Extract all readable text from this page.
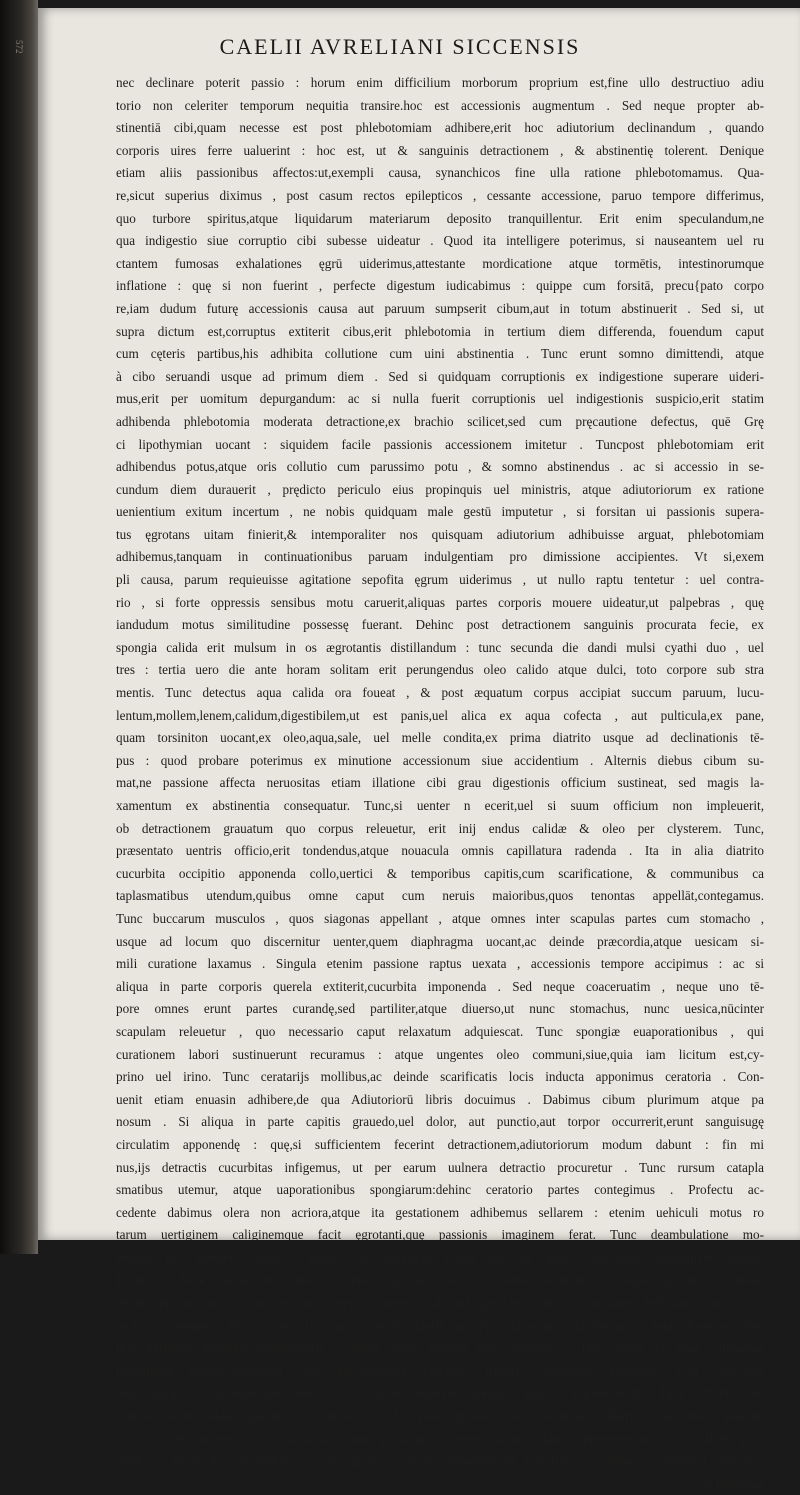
572	CAELII AVRELIANI SICCENSIS
nec declinare poterit passio : horum enim difficilium morborum proprium est,fine ullo destructiuo adiu
torio non celeriter temporum nequitia transire.hoc est accessionis augmentum . Sed neque propter ab-
stinentiā cibi,quam necesse est post phlebotomiam adhibere,erit hoc adiutorium declinandum , quando
corporis uires ferre ualuerint : hoc est, ut & sanguinis detractionem , & abstinentię tolerent. Denique
etiam aliis passionibus affectos:ut,exempli causa, synanchicos fine ulla ratione phlebotomamus. Qua-
re,sicut superius diximus , post casum rectos epilepticos , cessante accessione, paruo tempore differimus,
quo turbore spiritus,atque liquidarum materiarum deposito tranquillentur. Erit enim speculandum,ne
qua indigestio siue corruptio cibi subesse uideatur . Quod ita intelligere poterimus, si nauseantem uel ru
ctantem fumosas exhalationes ęgrū uiderimus,attestante mordicatione atque tormētis, intestinorumque
inflatione : quę si non fuerint , perfecte digestum iudicabimus : quippe cum forsitā, precu{pato corpo
re,iam dudum futurę accessionis causa aut paruum sumpserit cibum,aut in totum abstinuerit . Sed si, ut
supra dictum est,corruptus extiterit cibus,erit phlebotomia in tertium diem differenda, fouendum caput
cum cęteris partibus,his adhibita collutione cum uini abstinentia . Tunc erunt somno dimittendi, atque
à cibo seruandi usque ad primum diem . Sed si quidquam corruptionis ex indigestione superare uideri-
mus,erit per uomitum depurgandum: ac si nulla fuerit corruptionis uel indigestionis suspicio,erit statim
adhibenda phlebotomia moderata detractione,ex brachio scilicet,sed cum pręcautione defectus, quē Grę
ci lipothymian uocant : siquidem facile passionis accessionem imitetur . Tuncpost phlebotomiam erit
adhibendus potus,atque oris collutio cum parussimo potu , & somno abstinendus . ac si accessio in se-
cundum diem durauerit , prędicto periculo eius propinquis uel ministris, atque adiutoriorum ex ratione
uenientium exitum incertum , ne nobis quidquam male gestū imputetur , si forsitan ui passionis supera-
tus ęgrotans uitam finierit,& intemporaliter nos quisquam adiutorium adhibuisse arguat, phlebotomiam
adhibemus,tanquam in continuationibus paruam indulgentiam pro dimissione accipientes. Vt si,exem
pli causa, parum requieuisse agitatione sepofita ęgrum uiderimus , ut nullo raptu tentetur : uel contra-
rio , si forte oppressis sensibus motu caruerit,aliquas partes corporis mouere uideatur,ut palpebras , quę
iandudum motus similitudine possessę fuerant. Dehinc post detractionem sanguinis procurata fecie, ex
spongia calida erit mulsum in os ægrotantis distillandum : tunc secunda die dandi mulsi cyathi duo , uel
tres : tertia uero die ante horam solitam erit perungendus oleo calido atque dulci, toto corpore sub stra
mentis. Tunc detectus aqua calida ora foueat , & post æquatum corpus accipiat succum paruum, lucu-
lentum,mollem,lenem,calidum,digestibilem,ut est panis,uel alica ex aqua cofecta , aut pulticula,ex pane,
quam torsiniton uocant,ex oleo,aqua,sale, uel melle condita,ex prima diatrito usque ad declinationis tē-
pus : quod probare poterimus ex minutione accessionum siue accidentium . Alternis diebus cibum su-
mat,ne passione affecta neruositas etiam illatione cibi grau digestionis officium sustineat, sed magis la-
xamentum ex abstinentia consequatur. Tunc,si uenter n ecerit,uel si suum officium non impleuerit,
ob detractionem grauatum quo corpus releuetur, erit inij endus calidæ & oleo per clysterem. Tunc,
præsentato uentris officio,erit tondendus,atque nouacula omnis capillatura radenda . Ita in alia diatrito
cucurbita occipitio apponenda collo,uertici & temporibus capitis,cum scarificatione, & communibus ca
taplasmatibus utendum,quibus omne caput cum neruis maioribus,quos tenontas appellāt,contegamus.
Tunc buccarum musculos , quos siagonas appellant , atque omnes inter scapulas partes cum stomacho ,
usque ad locum quo discernitur uenter,quem diaphragma uocant,ac deinde præcordia,atque uesicam si-
mili curatione laxamus . Singula etenim passione raptus uexata , accessionis tempore accipimus : ac si
aliqua in parte corporis querela extiterit,cucurbita imponenda . Sed neque coaceruatim , neque uno tē-
pore omnes erunt partes curandę,sed partiliter,atque diuerso,ut nunc stomachus, nunc uesica,nūcinter
scapulam releuetur , quo necessario caput relaxatum adquiescat. Tunc spongiæ euaporationibus , qui
curationem labori sustinuerunt recuramus : atque ungentes oleo communi,siue,quia iam licitum est,cy-
prino uel irino. Tunc ceratarijs mollibus,ac deinde scarificatis locis inducta apponimus ceratoria . Con-
uenit etiam enuasin adhibere,de qua Adiutoriorū libris docuimus . Dabimus cibum plurimum atque pa
nosum . Si aliqua in parte capitis grauedo,uel dolor, aut punctio,aut torpor occurrerit,erunt sanguisugę
circulatim apponendę : quę,si sufficientem fecerint detractionem,adiutoriorum modum dabunt : fin mi
nus,ijs detractis cucurbitas infigemus, ut per earum uulnera detractio procuretur . Tunc rursum catapla
smatibus utemur, atque uaporationibus spongiarum:dehinc ceratorio partes contegimus . Profectu ac-
cedente dabimus olera non acriora,atque ita gestationem adhibemus sellarem : etenim uehiculi motus ro
tarum uertiginem caliginemque facit ęgrotanti,quę passionis imaginem ferat. Tunc deambulatione mo-
uendus pro temporis aere , atque loco lucido,& longo ductu,ne iugi conuersione uertiginem sentiat.
Dehinc,si ferre ualuerit,etiā uocis atque corporis exercitio utemur:monentes,ut neque spiritum retineat,
neque pronus uel circunflexus,aut sępe conuersus aliquid gerat,sed pingui unctione defricatus stanti ex-
ercitio moueatur. Tunc, cum facilitas corporis fuerit accepta, lauacrum adhibemus, caput fouentes fine
ullo percussu manibus subterpositis : implet enim sensum eius demersio . Tunc etiam in aqua calida,quā
pygolithon uocant,deponendi sunt ęgrotantes,ne percussu frigoris neruositas afficiatur. Post lauacrum
uero parum differentes,quo feruor ex capite releuetur,dabimus aquam prębihendam. Tunc cibum ua-
rium,simplicem,media qualitate confectum . Et post primam uel secundam diatriton dabimus quędam
in cibo,quę uinosę sint qualitatis,ut sunt poma:quo corpus uinum daturi pretentemus,ut tuto dare pos-
simus . atque ita seruandum, ne ijs gestis somnus suspensus,uel concisus,aut adiuncta phantasia sequatur,
& insomnia
